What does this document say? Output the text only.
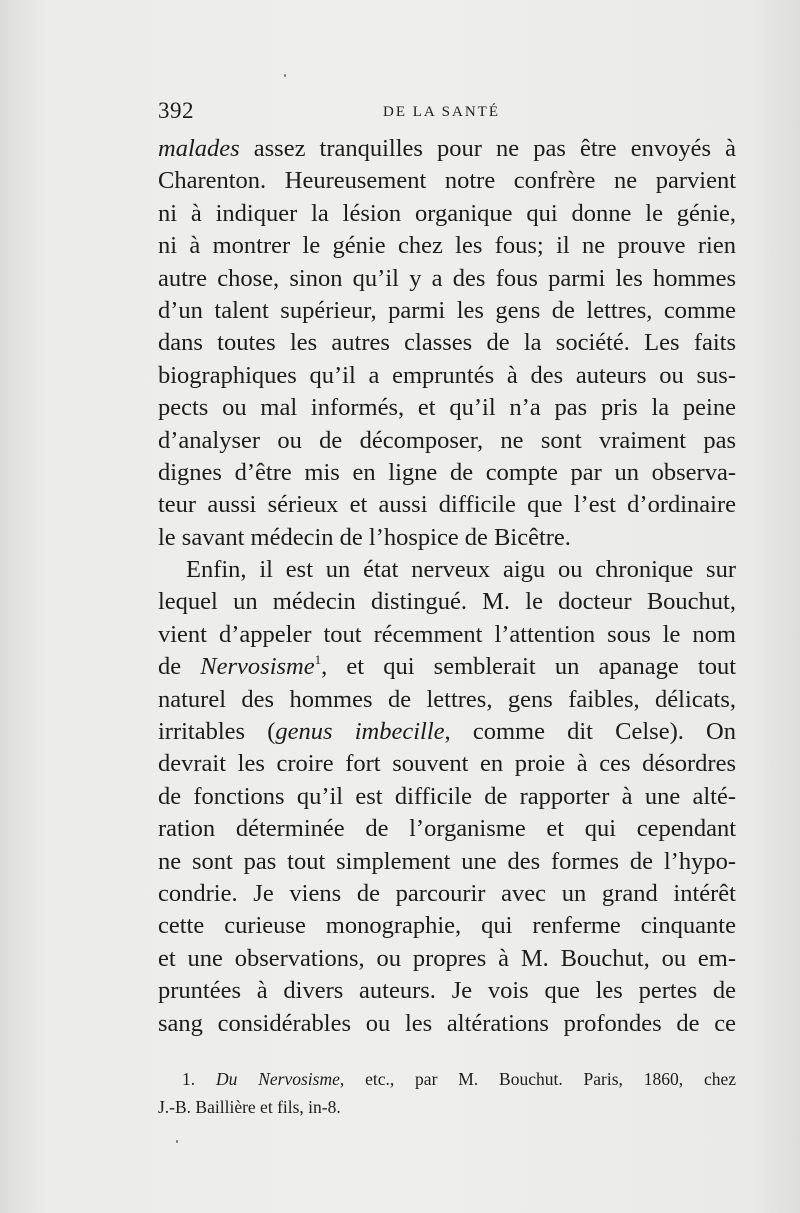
392	DE LA SANTÉ
malades assez tranquilles pour ne pas être envoyés à
Charenton. Heureusement notre confrère ne parvient
ni à indiquer la lésion organique qui donne le génie,
ni à montrer le génie chez les fous; il ne prouve rien
autre chose, sinon qu’il y a des fous parmi les hommes
d’un talent supérieur, parmi les gens de lettres, comme
dans toutes les autres classes de la société. Les faits
biographiques qu’il a empruntés à des auteurs ou sus-
pects ou mal informés, et qu’il n’a pas pris la peine
d’analyser ou de décomposer, ne sont vraiment pas
dignes d’être mis en ligne de compte par un observa-
teur aussi sérieux et aussi difficile que l’est d’ordinaire
le savant médecin de l’hospice de Bicêtre.
Enfin, il est un état nerveux aigu ou chronique sur
lequel un médecin distingué. M. le docteur Bouchut,
vient d’appeler tout récemment l’attention sous le nom
de Nervosisme$^1$, et qui semblerait un apanage tout
naturel des hommes de lettres, gens faibles, délicats,
irritables (genus imbecille, comme dit Celse). On
devrait les croire fort souvent en proie à ces désordres
de fonctions qu’il est difficile de rapporter à une alté-
ration déterminée de l’organisme et qui cependant
ne sont pas tout simplement une des formes de l’hypo-
condrie. Je viens de parcourir avec un grand intérêt
cette curieuse monographie, qui renferme cinquante
et une observations, ou propres à M. Bouchut, ou em-
pruntées à divers auteurs. Je vois que les pertes de
sang considérables ou les altérations profondes de ce
1. Du Nervosisme, etc., par M. Bouchut. Paris, 1860, chez
J.-B. Baillière et fils, in-8.
